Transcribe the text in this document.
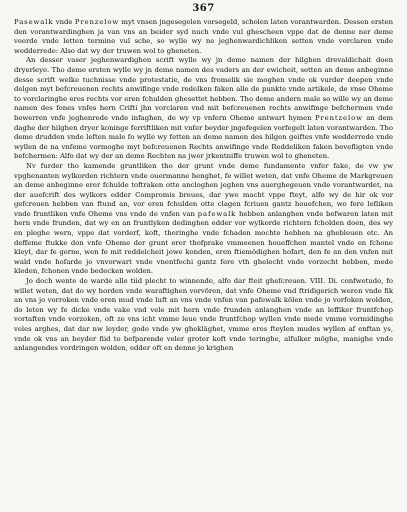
367

Pasewalk vnde Prenzelow myt vnsen jngesegelen vorsegeld, scholen laten vorantwarden. Dessen ersten den vorantwardinghen ja van vns an beider syd nuch vnde vul ghescheen vppe dat de denne ner deme veerde vnde letten termine vul sche, so wylle wy ne jeghenwardichliken setten vnde vorclaren vnde wedderrede: Also dat wy der truwen wol to gheneten.

An desser vaser jeghenwardighen scrift wylle wy jn deme namen der hilghen drevaldichait doen dryerleye. Tho deme ersten wylle wy jn deme namen des vaders an der ewicheit, setten an deme anbeginne desse scrift welke tuchnisse vnde protestatie, de vns fromelik sie moghen vnde ok vurder deepen vnde delgen myt befcreuenen rechts anwifinge vnde redelken faken alle de punkte vnde artikele, de vnse Oheme to vorclaringhe eres rechts vor eren fchulden ghesettet hebben. Tho deme andern male so wille wy an deme namen des fones vnfes hern Crifti jhn vorclaren vnd mit befcreuenen rechts anwifinge befchermen vnde bewerren vnfe jeghenrede vnde infaghen, de wy vp vnfern Oheme antwart hymen Prentzelow an dem daghe der hilghen dryer koninge ferriftliken mit vnfer beyder jngefegelen vorfegelt laten vorantwarden. Tho deme drudden vnde leften male fo wylle wy fetten an deme namen des hilgen geiftes vnfe wedderrede vnde wyllen de na vnfeme vormoghe myt befcreuenen Rechts anwifinge vnde Reddeliken faken bevefligten vnde befchermen: Alfo dat wy der an deme Rechten na jwer jrkentniffe truwen wol to gheneten.

Nv furder tho kamende gruntliken tho der grunt vnde deme fundamente vnfer fake, de vw yw vpghenanten wylkorden richtern vnde ouermanne henghet, fe willet weten, dat vnfe Oheme de Markgreuen an deme anbeginne erer fchulde toftraken otte ancloghen jeghen vns auerghegeuen vnde vorantwardet, na der auefcrift des wylkors edder Compromis breues, dar ywe macht vppe fteyt, alfo wy de hir ok vor gefcreuen hebben van ftund an, vor eren fchulden otte clagen fcriuen gantz houefchen, wo fere lefliken vnde fruntliken vnfe Oheme vns vnde de vnfen van pafewalk hebben anlanghen vnde befwaren laten mit hern vnde frunden, dat wy en an fruntlyken dedinghen edder vor wylkorde richtern fcholden doen, des wy en pleghe wern, vppe dat vorderf, koft, theringhe vnde fchaden mochte hebben na ghebleuen etc. An deffeme ftukke don vnfe Oheme der grunt erer thofprake vmmeenen houeffchen mantel vnde en fchone kleyt, dar fe gerne, wen fe mit reddelcheit jowe konden, eren ftiemödighen hofart, den fe an den vnfen mit wald vnde hofarde jo vnvorwart vnde vnentfechi gantz fere vth ghelecht vnde vorzecht hebben, mede kleden, fchonen vnde bedecken wolden.

Jo doch wente de warde alle tiid plecht to winnende, alfo dar fteit ghefcreuen. VIII. Di. confwetudo, fo willet weten, dat do wy horden vnde waraftighen vorvören, dat vnfe Oheme vnd ftridigerich weren vnde fik an vns jo vorroken vnde eren mud vnde luft an vns vnde vnfen van pafewalk kölen vnde jo vorfoken wolden, do leten wy fe dicke vnde vake vnd vele mit hern vnde frunden anlanghen vnde an leffiker fruntfchop vortaften vnde vorzoken, oft ze vns icht vmme leue vnde fruntfchop wyllen vnde mede vmme vormidinghe veles arghes, dat dar nw leyder, gode vnde yw ghekläghet, vmme eres fteylen mudes wyllen af enftan ys, vnde ok vns an beyder fiid to befparende veler groter koft vnde teringhe, alfulker möghe, manighe vnde anlangendes vordringen wolden, edder oft en denne jo krighen
